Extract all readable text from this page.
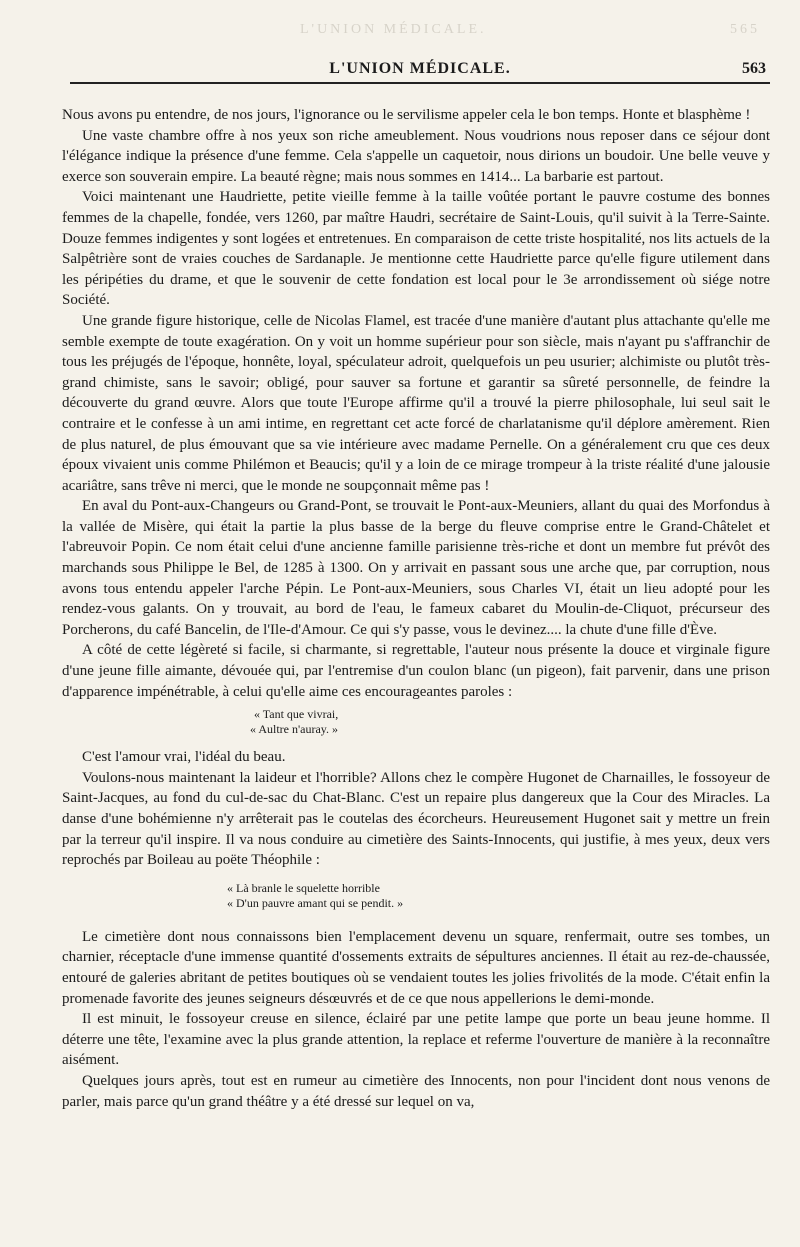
L'UNION MÉDICALE.	565
L'UNION MÉDICALE.	563

Nous avons pu entendre, de nos jours, l'ignorance ou le servilisme appeler cela le bon temps. Honte et blasphème !

Une vaste chambre offre à nos yeux son riche ameublement. Nous voudrions nous reposer dans ce séjour dont l'élégance indique la présence d'une femme. Cela s'appelle un caquetoir, nous dirions un boudoir. Une belle veuve y exerce son souverain empire. La beauté règne; mais nous sommes en 1414... La barbarie est partout.

Voici maintenant une Haudriette, petite vieille femme à la taille voûtée portant le pauvre costume des bonnes femmes de la chapelle, fondée, vers 1260, par maître Haudri, secrétaire de Saint-Louis, qu'il suivit à la Terre-Sainte. Douze femmes indigentes y sont logées et entretenues. En comparaison de cette triste hospitalité, nos lits actuels de la Salpêtrière sont de vraies couches de Sardanaple. Je mentionne cette Haudriette parce qu'elle figure utilement dans les péripéties du drame, et que le souvenir de cette fondation est local pour le 3e arrondissement où siége notre Société.

Une grande figure historique, celle de Nicolas Flamel, est tracée d'une manière d'autant plus attachante qu'elle me semble exempte de toute exagération. On y voit un homme supérieur pour son siècle, mais n'ayant pu s'affranchir de tous les préjugés de l'époque, honnête, loyal, spéculateur adroit, quelquefois un peu usurier; alchimiste ou plutôt très-grand chimiste, sans le savoir; obligé, pour sauver sa fortune et garantir sa sûreté personnelle, de feindre la découverte du grand œuvre. Alors que toute l'Europe affirme qu'il a trouvé la pierre philosophale, lui seul sait le contraire et le confesse à un ami intime, en regrettant cet acte forcé de charlatanisme qu'il déplore amèrement. Rien de plus naturel, de plus émouvant que sa vie intérieure avec madame Pernelle. On a généralement cru que ces deux époux vivaient unis comme Philémon et Beaucis; qu'il y a loin de ce mirage trompeur à la triste réalité d'une jalousie acariâtre, sans trêve ni merci, que le monde ne soupçonnait même pas !

En aval du Pont-aux-Changeurs ou Grand-Pont, se trouvait le Pont-aux-Meuniers, allant du quai des Morfondus à la vallée de Misère, qui était la partie la plus basse de la berge du fleuve comprise entre le Grand-Châtelet et l'abreuvoir Popin. Ce nom était celui d'une ancienne famille parisienne très-riche et dont un membre fut prévôt des marchands sous Philippe le Bel, de 1285 à 1300. On y arrivait en passant sous une arche que, par corruption, nous avons tous entendu appeler l'arche Pépin. Le Pont-aux-Meuniers, sous Charles VI, était un lieu adopté pour les rendez-vous galants. On y trouvait, au bord de l'eau, le fameux cabaret du Moulin-de-Cliquot, précurseur des Porcherons, du café Bancelin, de l'Ile-d'Amour. Ce qui s'y passe, vous le devinez.... la chute d'une fille d'Ève.

A côté de cette légèreté si facile, si charmante, si regrettable, l'auteur nous présente la douce et virginale figure d'une jeune fille aimante, dévouée qui, par l'entremise d'un coulon blanc (un pigeon), fait parvenir, dans une prison d'apparence impénétrable, à celui qu'elle aime ces encourageantes paroles :

« Tant que vivrai,
« Aultre n'auray. »

C'est l'amour vrai, l'idéal du beau.

Voulons-nous maintenant la laideur et l'horrible? Allons chez le compère Hugonet de Charnailles, le fossoyeur de Saint-Jacques, au fond du cul-de-sac du Chat-Blanc. C'est un repaire plus dangereux que la Cour des Miracles. La danse d'une bohémienne n'y arrêterait pas le coutelas des écorcheurs. Heureusement Hugonet sait y mettre un frein par la terreur qu'il inspire. Il va nous conduire au cimetière des Saints-Innocents, qui justifie, à mes yeux, deux vers reprochés par Boileau au poëte Théophile :

« Là branle le squelette horrible
« D'un pauvre amant qui se pendit. »

Le cimetière dont nous connaissons bien l'emplacement devenu un square, renfermait, outre ses tombes, un charnier, réceptacle d'une immense quantité d'ossements extraits de sépultures anciennes. Il était au rez-de-chaussée, entouré de galeries abritant de petites boutiques où se vendaient toutes les jolies frivolités de la mode. C'était enfin la promenade favorite des jeunes seigneurs désœuvrés et de ce que nous appellerions le demi-monde.

Il est minuit, le fossoyeur creuse en silence, éclairé par une petite lampe que porte un beau jeune homme. Il déterre une tête, l'examine avec la plus grande attention, la replace et referme l'ouverture de manière à la reconnaître aisément.

Quelques jours après, tout est en rumeur au cimetière des Innocents, non pour l'incident dont nous venons de parler, mais parce qu'un grand théâtre y a été dressé sur lequel on va,
